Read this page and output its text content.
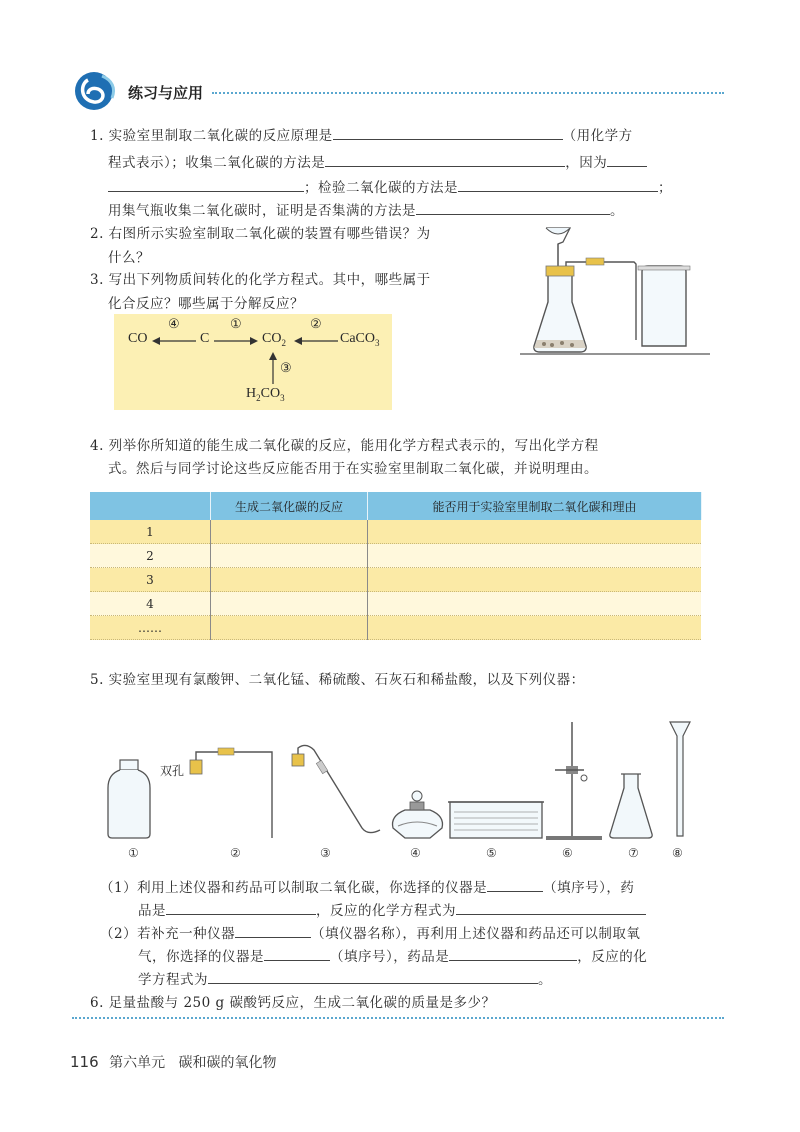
练习与应用
1. 实验室里制取二氧化碳的反应原理是	（用化学方
程式表示）；收集二氧化碳的方法是	，因为
；检验二氧化碳的方法是	；
用集气瓶收集二氧化碳时，证明是否集满的方法是	。
2. 右图所示实验室制取二氧化碳的装置有哪些错误？为
什么？
3. 写出下列物质间转化的化学方程式。其中，哪些属于
化合反应？哪些属于分解反应？
CO
④
C
①
$CO_2$
②
CaCO$_3$
③
$H_2CO_3$
4. 列举你所知道的能生成二氧化碳的反应，能用化学方程式表示的，写出化学方程
式。然后与同学讨论这些反应能否用于在实验室里制取二氧化碳，并说明理由。
	生成二氧化碳的反应	能否用于实验室里制取二氧化碳和理由
1		
2		
3		
4		
……		
5. 实验室里现有氯酸钾、二氧化锰、稀硫酸、石灰石和稀盐酸，以及下列仪器：
双孔
①	②	③	④	⑤	⑥	⑦	⑧
（1）利用上述仪器和药品可以制取二氧化碳，你选择的仪器是	（填序号），药
品是	，反应的化学方程式为
（2）若补充一种仪器	（填仪器名称），再利用上述仪器和药品还可以制取氧
气，你选择的仪器是	（填序号），药品是	，反应的化
学方程式为	。
6. 足量盐酸与 250 g 碳酸钙反应，生成二氧化碳的质量是多少？
116 第六单元 碳和碳的氧化物
